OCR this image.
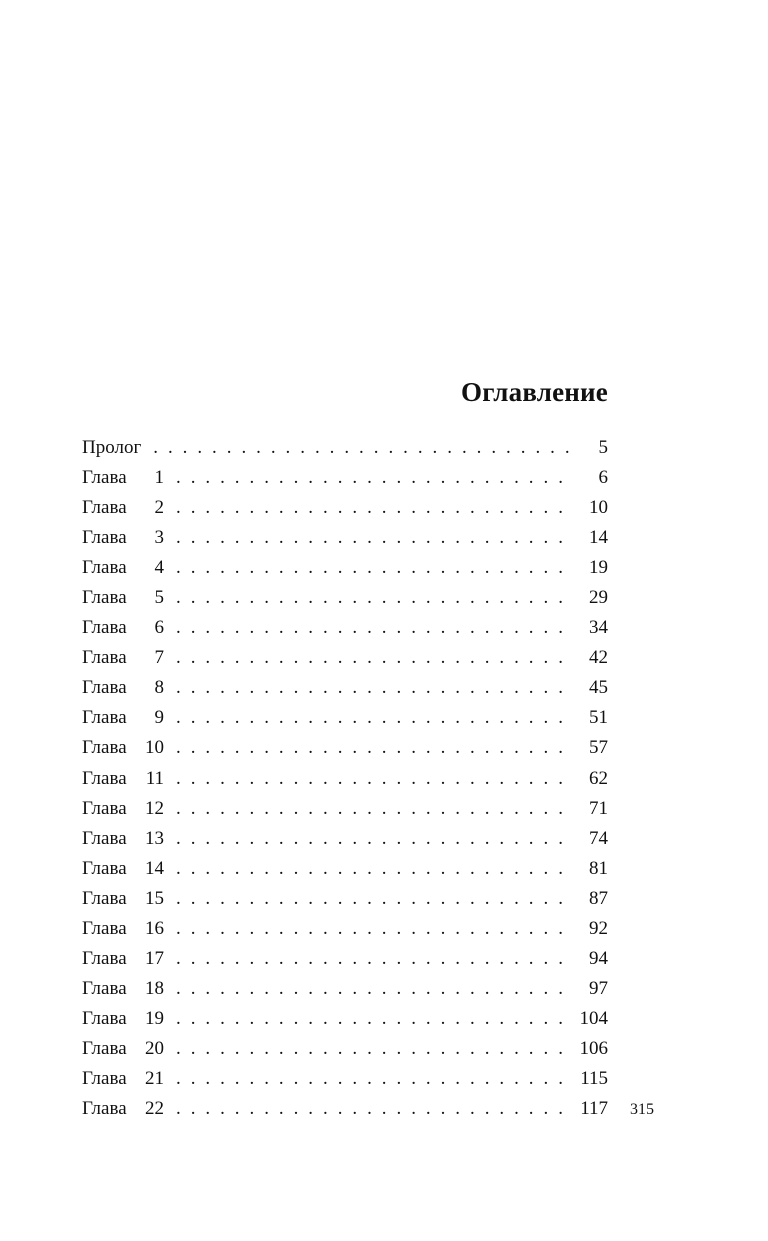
Оглавление
Пролог . . .	5
Глава 1 . . .	6
Глава 2 . . .	10
Глава 3 . . .	14
Глава 4 . . .	19
Глава 5 . . .	29
Глава 6 . . .	34
Глава 7 . . .	42
Глава 8 . . .	45
Глава 9 . . .	51
Глава 10 . . .	57
Глава 11 . . .	62
Глава 12 . . .	71
Глава 13 . . .	74
Глава 14 . . .	81
Глава 15 . . .	87
Глава 16 . . .	92
Глава 17 . . .	94
Глава 18 . . .	97
Глава 19 . . .	104
Глава 20 . . .	106
Глава 21 . . .	115
Глава 22 . . .	117 315
